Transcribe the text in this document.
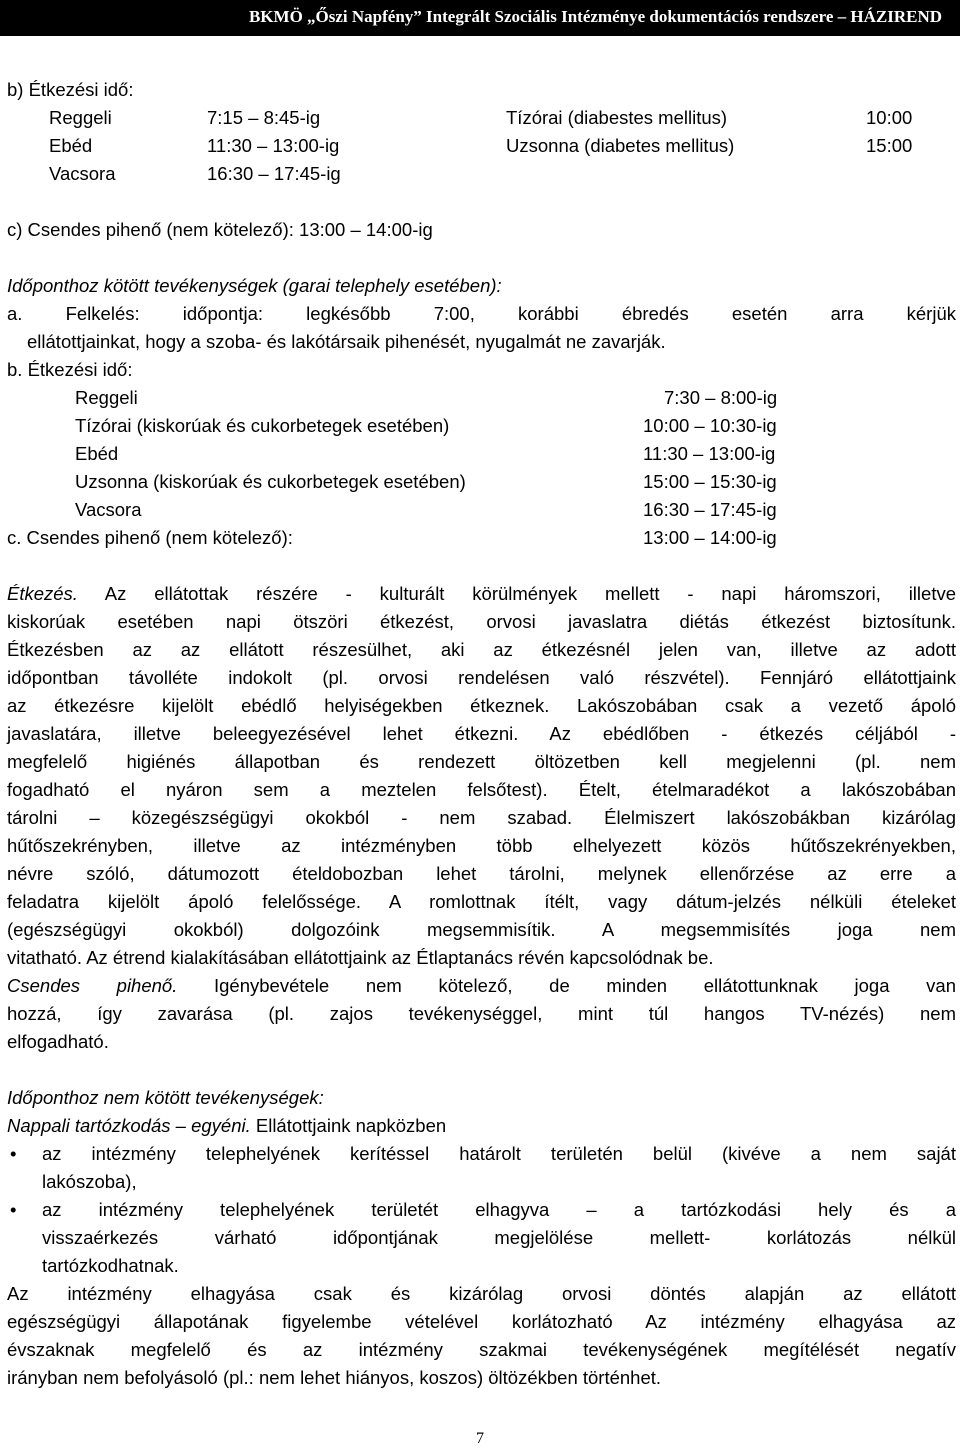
BKMÖ „Őszi Napfény” Integrált Szociális Intézménye dokumentációs rendszere – HÁZIREND
b) Étkezési idő:
Reggeli	7:15 – 8:45-ig	Tízórai (diabestes mellitus)	10:00
Ebéd	11:30 – 13:00-ig	Uzsonna (diabetes mellitus)	15:00
Vacsora	16:30 – 17:45-ig
c) Csendes pihenő (nem kötelező): 13:00 – 14:00-ig
Időponthoz kötött tevékenységek (garai telephely esetében):
a. Felkelés: időpontja: legkésőbb 7:00, korábbi ébredés esetén arra kérjük
ellátottjainkat, hogy a szoba- és lakótársaik pihenését, nyugalmát ne zavarják.
b. Étkezési idő:
Reggeli	7:30 – 8:00-ig
Tízórai (kiskorúak és cukorbetegek esetében)	10:00 – 10:30-ig
Ebéd	11:30 – 13:00-ig
Uzsonna (kiskorúak és cukorbetegek esetében)	15:00 – 15:30-ig
Vacsora	16:30 – 17:45-ig
c. Csendes pihenő (nem kötelező):	13:00 – 14:00-ig
Étkezés. Az ellátottak részére - kulturált körülmények mellett - napi háromszori, illetve
kiskorúak esetében napi ötszöri étkezést, orvosi javaslatra diétás étkezést biztosítunk.
Étkezésben az az ellátott részesülhet, aki az étkezésnél jelen van, illetve az adott
időpontban távolléte indokolt (pl. orvosi rendelésen való részvétel). Fennjáró ellátottjaink
az étkezésre kijelölt ebédlő helyiségekben étkeznek. Lakószobában csak a vezető ápoló
javaslatára, illetve beleegyezésével lehet étkezni. Az ebédlőben - étkezés céljából -
megfelelő higiénés állapotban és rendezett öltözetben kell megjelenni (pl. nem
fogadható el nyáron sem a meztelen felsőtest). Ételt, ételmaradékot a lakószobában
tárolni – közegészségügyi okokból - nem szabad. Élelmiszert lakószobákban kizárólag
hűtőszekrényben, illetve az intézményben több elhelyezett közös hűtőszekrényekben,
névre szóló, dátumozott ételdobozban lehet tárolni, melynek ellenőrzése az erre a
feladatra kijelölt ápoló felelőssége. A romlottnak ítélt, vagy dátum-jelzés nélküli ételeket
(egészségügyi okokból) dolgozóink megsemmisítik. A megsemmisítés joga nem
vitatható. Az étrend kialakításában ellátottjaink az Étlaptanács révén kapcsolódnak be.
Csendes pihenő. Igénybevétele nem kötelező, de minden ellátottunknak joga van
hozzá, így zavarása (pl. zajos tevékenységgel, mint túl hangos TV-nézés) nem
elfogadható.
Időponthoz nem kötött tevékenységek:
Nappali tartózkodás – egyéni. Ellátottjaink napközben
•	az intézmény telephelyének kerítéssel határolt területén belül (kivéve a nem saját
lakószoba),
•	az intézmény telephelyének területét elhagyva – a tartózkodási hely és a
visszaérkezés várható időpontjának megjelölése mellett- korlátozás nélkül
tartózkodhatnak.
Az intézmény elhagyása csak és kizárólag orvosi döntés alapján az ellátott
egészségügyi állapotának figyelembe vételével korlátozható Az intézmény elhagyása az
évszaknak megfelelő és az intézmény szakmai tevékenységének megítélését negatív
irányban nem befolyásoló (pl.: nem lehet hiányos, koszos) öltözékben történhet.
7
